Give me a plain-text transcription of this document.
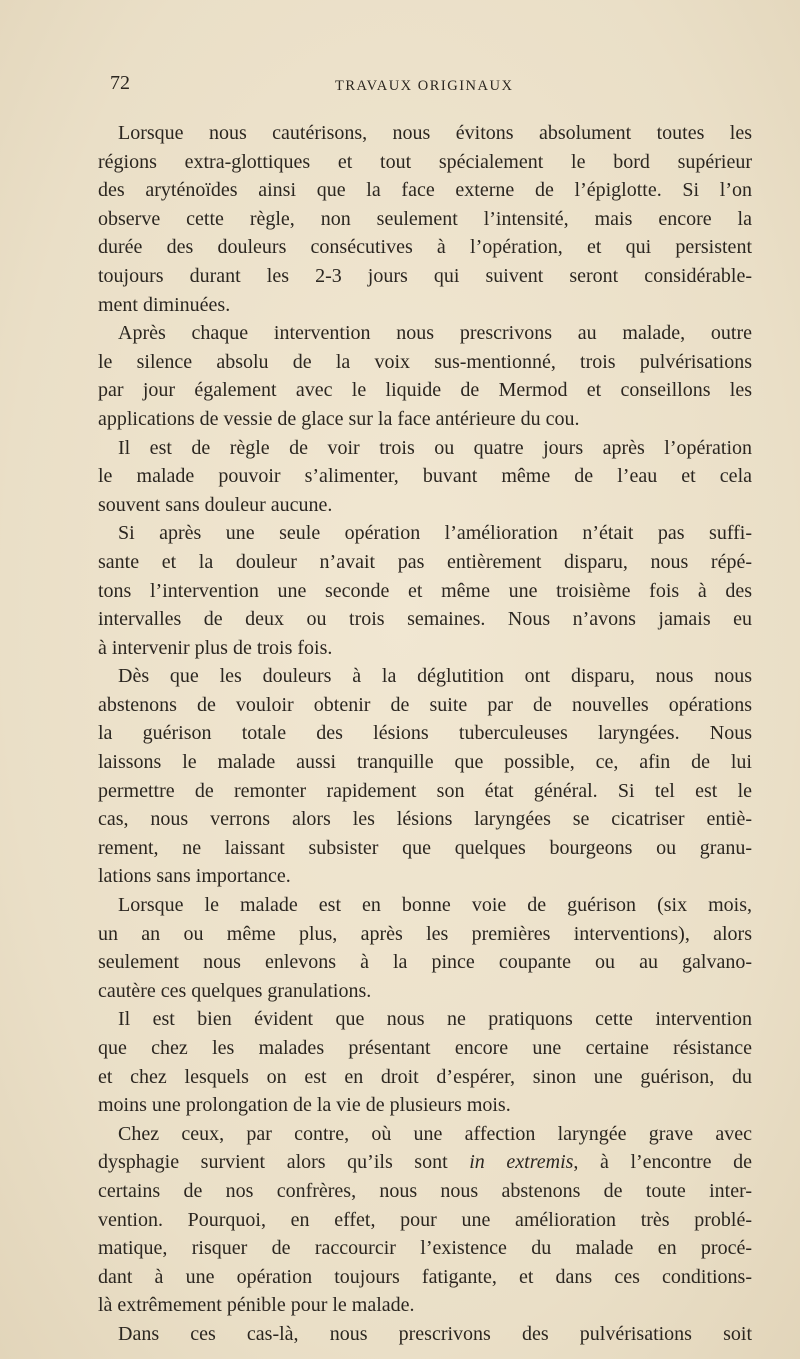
72	TRAVAUX ORIGINAUX
Lorsque nous cautérisons, nous évitons absolument toutes les
régions extra-glottiques et tout spécialement le bord supérieur
des aryténoïdes ainsi que la face externe de l’épiglotte. Si l’on
observe cette règle, non seulement l’intensité, mais encore la
durée des douleurs consécutives à l’opération, et qui persistent
toujours durant les 2-3 jours qui suivent seront considérable-
ment diminuées.
Après chaque intervention nous prescrivons au malade, outre
le silence absolu de la voix sus-mentionné, trois pulvérisations
par jour également avec le liquide de Mermod et conseillons les
applications de vessie de glace sur la face antérieure du cou.
Il est de règle de voir trois ou quatre jours après l’opération
le malade pouvoir s’alimenter, buvant même de l’eau et cela
souvent sans douleur aucune.
Si après une seule opération l’amélioration n’était pas suffi-
sante et la douleur n’avait pas entièrement disparu, nous répé-
tons l’intervention une seconde et même une troisième fois à des
intervalles de deux ou trois semaines. Nous n’avons jamais eu
à intervenir plus de trois fois.
Dès que les douleurs à la déglutition ont disparu, nous nous
abstenons de vouloir obtenir de suite par de nouvelles opérations
la guérison totale des lésions tuberculeuses laryngées. Nous
laissons le malade aussi tranquille que possible, ce, afin de lui
permettre de remonter rapidement son état général. Si tel est le
cas, nous verrons alors les lésions laryngées se cicatriser entiè-
rement, ne laissant subsister que quelques bourgeons ou granu-
lations sans importance.
Lorsque le malade est en bonne voie de guérison (six mois,
un an ou même plus, après les premières interventions), alors
seulement nous enlevons à la pince coupante ou au galvano-
cautère ces quelques granulations.
Il est bien évident que nous ne pratiquons cette intervention
que chez les malades présentant encore une certaine résistance
et chez lesquels on est en droit d’espérer, sinon une guérison, du
moins une prolongation de la vie de plusieurs mois.
Chez ceux, par contre, où une affection laryngée grave avec
dysphagie survient alors qu’ils sont in extremis, à l’encontre de
certains de nos confrères, nous nous abstenons de toute inter-
vention. Pourquoi, en effet, pour une amélioration très problé-
matique, risquer de raccourcir l’existence du malade en procé-
dant à une opération toujours fatigante, et dans ces conditions-
là extrêmement pénible pour le malade.
Dans ces cas-là, nous prescrivons des pulvérisations soit
